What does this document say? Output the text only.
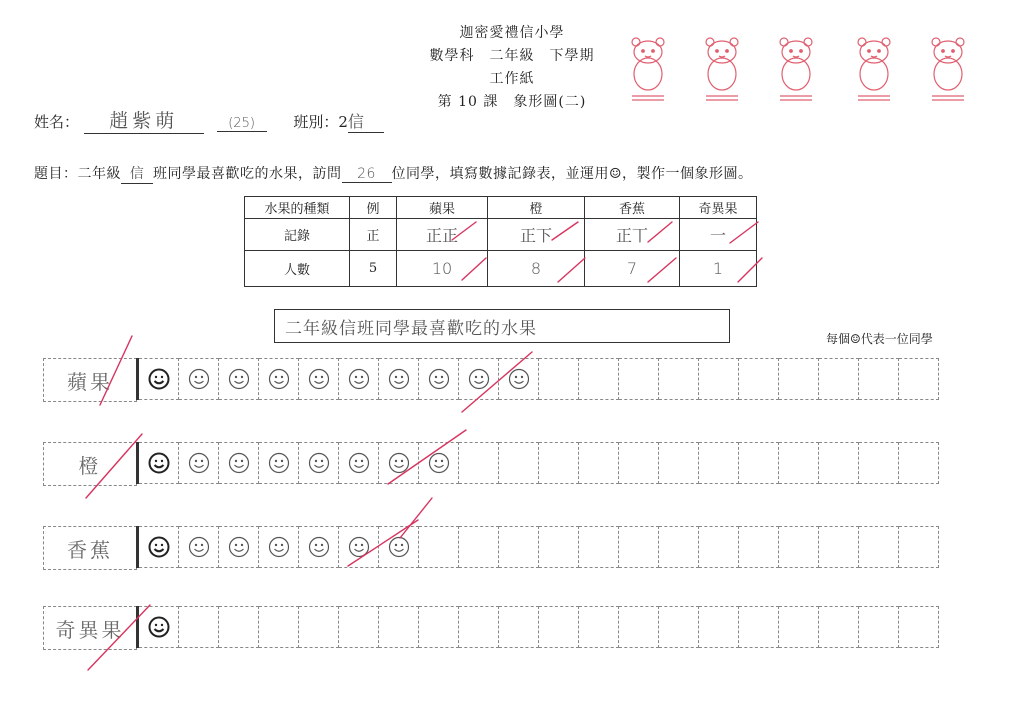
迦密愛禮信小學
數學科　二年級　下學期
工作紙
第 10 課　象形圖(二)
姓名： 趙紫萌	(25)	班別：2信
題目：二年級 信 班同學最喜歡吃的水果，訪問 26 位同學，填寫數據記錄表，並運用☺，製作一個象形圖。
水果的種類	例	蘋果	橙	香蕉	奇異果
記錄	正	正正	正下	正丅	一
人數	5	10	8	7	1
二年級信班同學最喜歡吃的水果
每個☺代表一位同學
蘋果
橙
香蕉
奇異果
